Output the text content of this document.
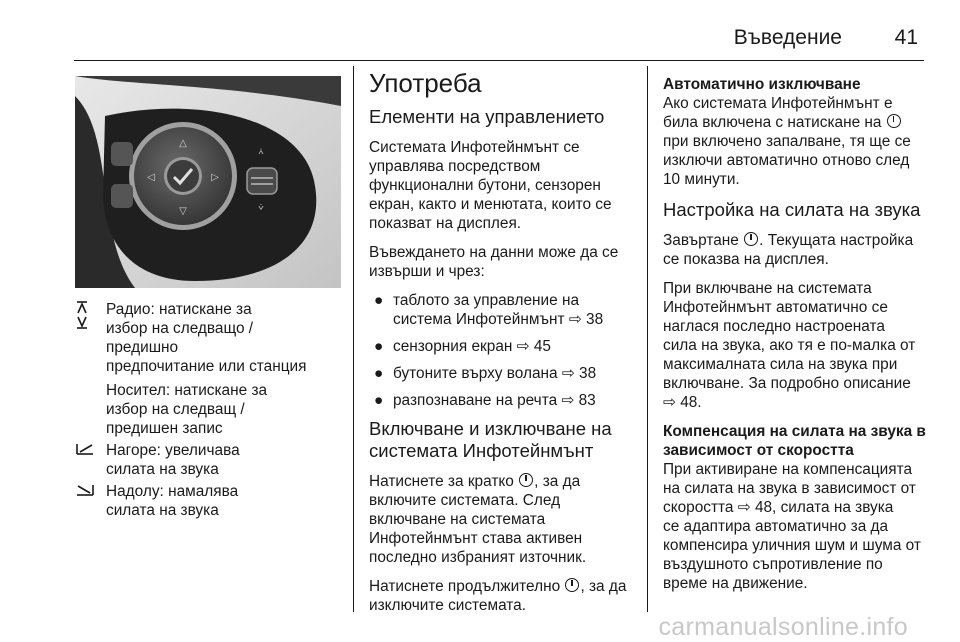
Въведение	41
△
▽
◁	▷
⩑
⩒
Радио: натискане за
избор на следващо /
предишно
предпочитание или станция
Носител: натискане за
избор на следващ /
предишен запис
Нагоре: увеличава
силата на звука
Надолу: намалява
силата на звука
Употреба
Елементи на управлението

Системата Инфотейнмънт се
управлява посредством
функционални бутони, сензорен
екран, както и менютата, които се
показват на дисплея.

Въвеждането на данни може да се
извърши и чрез:

● таблото за управление на
система Инфотейнмънт ⇨ 38
● сензорния екран ⇨ 45
● бутоните върху волана ⇨ 38
● разпознаване на речта ⇨ 83
Включване и изключване на
системата Инфотейнмънт

Натиснете за кратко , за да
включите системата. След
включване на системата
Инфотейнмънт става активен
последно избраният източник.

Натиснете продължително , за да
изключите системата.

Автоматично изключване

Ако системата Инфотейнмънт е
била включена с натискане на
при включено запалване, тя ще се
изключи автоматично отново след
10 минути.

Настройка на силата на звука

Завъртане . Текущата настройка
се показва на дисплея.

При включване на системата
Инфотейнмънт автоматично се
наглася последно настроената
сила на звука, ако тя е по-малка от
максималната сила на звука при
включване. За подробно описание
⇨ 48.

Компенсация на силата на звука в
зависимост от скоростта

При активиране на компенсацията
на силата на звука в зависимост от
скоростта ⇨ 48, силата на звука
се адаптира автоматично за да
компенсира уличния шум и шума от
въздушното съпротивление по
време на движение.

carmanualsonline.info
